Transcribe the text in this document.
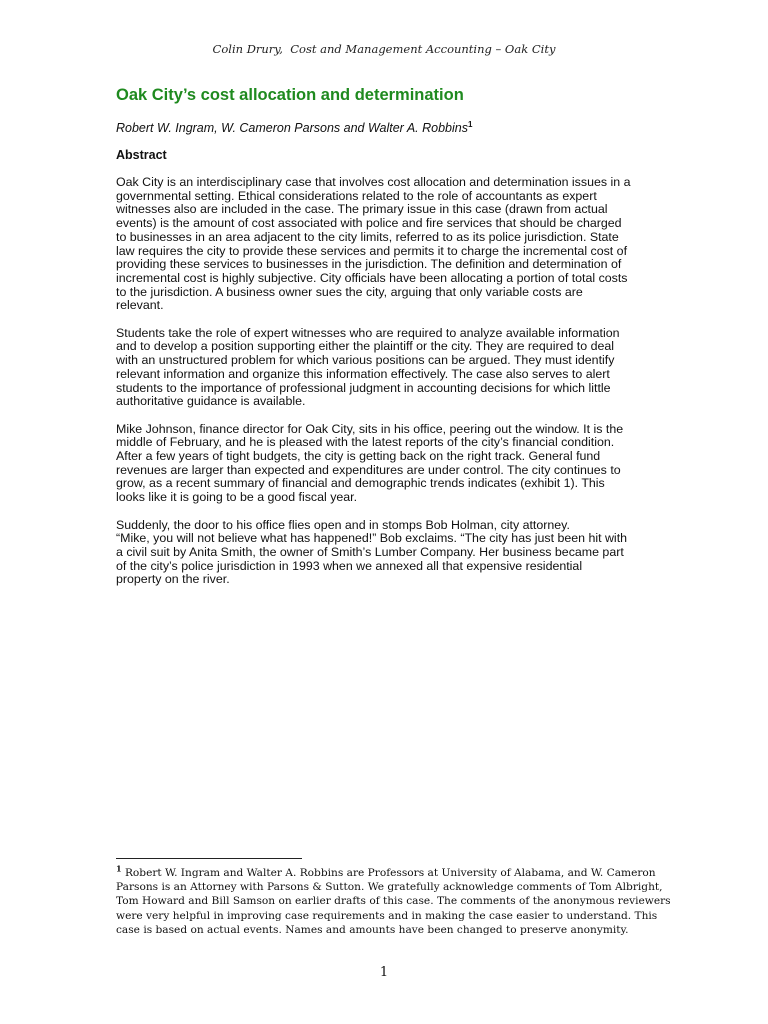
Colin Drury,  Cost and Management Accounting – Oak City
Oak City’s cost allocation and determination
Robert W. Ingram, W. Cameron Parsons and Walter A. Robbins$^1$
Abstract
Oak City is an interdisciplinary case that involves cost allocation and determination issues in a
governmental setting. Ethical considerations related to the role of accountants as expert
witnesses also are included in the case. The primary issue in this case (drawn from actual
events) is the amount of cost associated with police and fire services that should be charged
to businesses in an area adjacent to the city limits, referred to as its police jurisdiction. State
law requires the city to provide these services and permits it to charge the incremental cost of
providing these services to businesses in the jurisdiction. The definition and determination of
incremental cost is highly subjective. City officials have been allocating a portion of total costs
to the jurisdiction. A business owner sues the city, arguing that only variable costs are
relevant.
Students take the role of expert witnesses who are required to analyze available information
and to develop a position supporting either the plaintiff or the city. They are required to deal
with an unstructured problem for which various positions can be argued. They must identify
relevant information and organize this information effectively. The case also serves to alert
students to the importance of professional judgment in accounting decisions for which little
authoritative guidance is available.
Mike Johnson, finance director for Oak City, sits in his office, peering out the window. It is the
middle of February, and he is pleased with the latest reports of the city’s financial condition.
After a few years of tight budgets, the city is getting back on the right track. General fund
revenues are larger than expected and expenditures are under control. The city continues to
grow, as a recent summary of financial and demographic trends indicates (exhibit 1). This
looks like it is going to be a good fiscal year.
Suddenly, the door to his office flies open and in stomps Bob Holman, city attorney.
“Mike, you will not believe what has happened!” Bob exclaims. “The city has just been hit with
a civil suit by Anita Smith, the owner of Smith’s Lumber Company. Her business became part
of the city’s police jurisdiction in 1993 when we annexed all that expensive residential
property on the river.
$^1$ Robert W. Ingram and Walter A. Robbins are Professors at University of Alabama, and W. Cameron
Parsons is an Attorney with Parsons & Sutton. We gratefully acknowledge comments of Tom Albright,
Tom Howard and Bill Samson on earlier drafts of this case. The comments of the anonymous reviewers
were very helpful in improving case requirements and in making the case easier to understand. This
case is based on actual events. Names and amounts have been changed to preserve anonymity.
1
